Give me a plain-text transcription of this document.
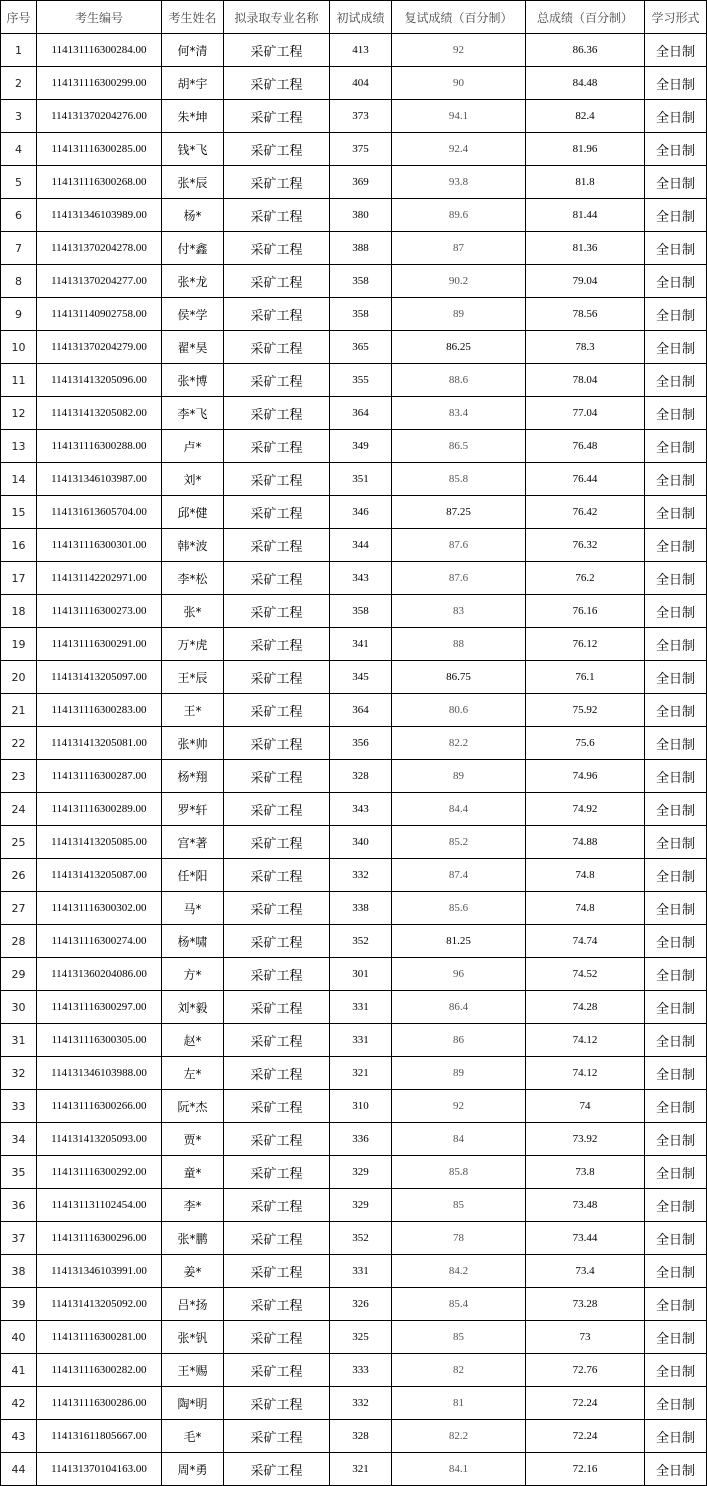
序号	考生编号	考生姓名	拟录取专业名称	初试成绩	复试成绩（百分制）	总成绩（百分制）	学习形式
1	114131116300284.00	何*清	采矿工程	413	92	86.36	全日制
2	114131116300299.00	胡*宇	采矿工程	404	90	84.48	全日制
3	114131370204276.00	朱*坤	采矿工程	373	94.1	82.4	全日制
4	114131116300285.00	钱*飞	采矿工程	375	92.4	81.96	全日制
5	114131116300268.00	张*辰	采矿工程	369	93.8	81.8	全日制
6	114131346103989.00	杨*	采矿工程	380	89.6	81.44	全日制
7	114131370204278.00	付*鑫	采矿工程	388	87	81.36	全日制
8	114131370204277.00	张*龙	采矿工程	358	90.2	79.04	全日制
9	114131140902758.00	侯*学	采矿工程	358	89	78.56	全日制
10	114131370204279.00	翟*昊	采矿工程	365	86.25	78.3	全日制
11	114131413205096.00	张*博	采矿工程	355	88.6	78.04	全日制
12	114131413205082.00	李*飞	采矿工程	364	83.4	77.04	全日制
13	114131116300288.00	卢*	采矿工程	349	86.5	76.48	全日制
14	114131346103987.00	刘*	采矿工程	351	85.8	76.44	全日制
15	114131613605704.00	邱*健	采矿工程	346	87.25	76.42	全日制
16	114131116300301.00	韩*波	采矿工程	344	87.6	76.32	全日制
17	114131142202971.00	李*松	采矿工程	343	87.6	76.2	全日制
18	114131116300273.00	张*	采矿工程	358	83	76.16	全日制
19	114131116300291.00	万*虎	采矿工程	341	88	76.12	全日制
20	114131413205097.00	王*辰	采矿工程	345	86.75	76.1	全日制
21	114131116300283.00	王*	采矿工程	364	80.6	75.92	全日制
22	114131413205081.00	张*帅	采矿工程	356	82.2	75.6	全日制
23	114131116300287.00	杨*翔	采矿工程	328	89	74.96	全日制
24	114131116300289.00	罗*轩	采矿工程	343	84.4	74.92	全日制
25	114131413205085.00	宫*著	采矿工程	340	85.2	74.88	全日制
26	114131413205087.00	任*阳	采矿工程	332	87.4	74.8	全日制
27	114131116300302.00	马*	采矿工程	338	85.6	74.8	全日制
28	114131116300274.00	杨*啸	采矿工程	352	81.25	74.74	全日制
29	114131360204086.00	方*	采矿工程	301	96	74.52	全日制
30	114131116300297.00	刘*毅	采矿工程	331	86.4	74.28	全日制
31	114131116300305.00	赵*	采矿工程	331	86	74.12	全日制
32	114131346103988.00	左*	采矿工程	321	89	74.12	全日制
33	114131116300266.00	阮*杰	采矿工程	310	92	74	全日制
34	114131413205093.00	贾*	采矿工程	336	84	73.92	全日制
35	114131116300292.00	童*	采矿工程	329	85.8	73.8	全日制
36	114131131102454.00	李*	采矿工程	329	85	73.48	全日制
37	114131116300296.00	张*鹏	采矿工程	352	78	73.44	全日制
38	114131346103991.00	姜*	采矿工程	331	84.2	73.4	全日制
39	114131413205092.00	吕*扬	采矿工程	326	85.4	73.28	全日制
40	114131116300281.00	张*钒	采矿工程	325	85	73	全日制
41	114131116300282.00	王*赐	采矿工程	333	82	72.76	全日制
42	114131116300286.00	陶*明	采矿工程	332	81	72.24	全日制
43	114131611805667.00	毛*	采矿工程	328	82.2	72.24	全日制
44	114131370104163.00	周*勇	采矿工程	321	84.1	72.16	全日制
